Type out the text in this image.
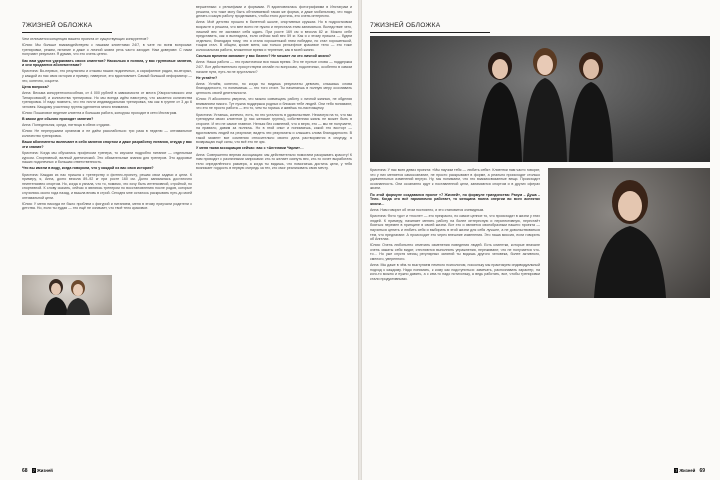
7ЖИЗНЕЙ ОБЛОЖКА

Чем отличается концепция вашего проекта от существующих конкурентов?

Юлия: Мы больше взаимодействуем с нашими клиентами 24/7, в чате по всем вопросам: тренировки, режим, питание и даже о личной жизни речь часто заходит. Нам доверяют. С нами получают результат. Я думаю, что это очень ценно.

Как вам удается удерживать своих клиентов? Насколько я поняла, у вас групповые занятия, и они продаются абонементами?

Кристина: Во-первых, это результаты и отзывы наших подопечных, а сарафанное радио, во-вторых, у каждой из нас своя история и пример, наверное, это вдохновляет. Самый большой информатор — это, конечно, соцсети.

Цена вопроса?

Анна: Весьма конкурентоспособная, от 4 000 рублей в зависимости от места (Хворостовского или Тинарсовской) и количества тренировок. Но мы всегда идём навстречу, что касается количества тренировок. И надо помнить, что это почти индивидуальная тренировка, так как в группе от 3 до 6 человек. Каждому участнику группы уделяется много внимания.

Юлия: Пошаговое ведение клиента и большая работа, конкурсы проходят в сети Инстаграм.

В каком дне обычно проходят занятия?

Анна: Понедельник, среда, пятница в обеих студиях.

Юлия: Не перегружаем организм и не даём расслабиться: три раза в неделю — оптимальное количество тренировок.

Ваши абонементы включают в себя занятия спортом и даже разработку питания, откуда у вас эти знания?

Кристина: Когда мы обучались профессии тренера, то изучали подробно питание — отдельным курсом. Спортивный, вилный диетический. Это обязательные знания для тренеров. Это здоровье наших подопечных и большая ответственность.

Что вы имели в виду, когда говорили, что у каждой из вас своя история?

Кристина: Каждая из нас пришла к тренерству и фитнес-проекту, решая свои задачи и цели. К примеру, я, Анна, долго весила 89–92 кг при росте 160 см. Долго занималась достаточно неинтенсивно спортом. Но, когда я узнала, что то, помимо, что хочу быть интенсивной, стройной, но спортивной. К слову сказать, сейчас я являюсь тренером по восстановлению после родов, которые случились около года назад, и вышла вновь в строй. Сегодня мне осталось раскрывать путь до моей оптимальной цели.

Юлия: У меня никогда не было проблем с фигурой и питанием, меня в этому приучали родители с детства. Но, если ты худая — это ещё не означает, что твоё тело красивое.

вершенным: с рельефами и формами. Я вдохновлялась фотографиями в Инстаграм и решила, что тоже могу быть обтягиваемой такая же форма, и даже мобильному, что надо делать и какую работу проделывать, чтобы этого достичь, это очень интересно.

Анна: Моё детство прошло в балетной школе, спортивных кружках. Но в подростковом возрасте я решила, что мне всего не нужно и перестала этим заниматься. Вследствие чего, лишний вес не заставил себя ждать. При росте 169 см я весила 82 кг. Можно себе представить, как я выглядела, если сейчас мой вес 59 кг. Как я к этому пришла — будем отдельно, благодаря тому, что я стала хорошенькой этим победим, но стал хорошенькой, тощим стал. В общем, кроме меня, как только рельефное красивое тело — это тоже колоссальная работа, вложенное время и терпение, как в моей жизни.

Сколько времени занимает у вас бизнес? Не мешает ли это личной жизни?

Анна: Наша работа — это практически вся наша время. Это не пустые слова — поддержка 24/7. Вот действительно присутствуем онлайн по вопросам, подопечных, особенно в самом начале пути, путь ли не хрустально?

Не устаёте?

Анна: Устаём, конечно, но когда ты видишь результаты девочек, слышишь слова благодарности, то понимаешь — это того стоит. Ты начинаешь в полную меру осознавать ценность своей деятельности.

Юлия: Я абсолютно уверена, что можно совмещать работу с личной жизнью, не обделяя вниманием никого. Тут нужна поддержка родных и близких тебе людей. Они тебя понимают, что это не просто работа — это то, чем ты горишь и живёшь по-настоящему.

Кристина: Устаешь, конечно, есть, но это усталость в удовольствие. Несмотря на то, что мы тренируем своих клиентов (у нас женские группы), собственная жизнь не может быть в стороне. И это не самое главное. Нельзя без сомнений, что я верю, это — мы не получаете, на правило, давим за полночь. Но в этой опыт и понимаешь, какой это восторг — вдохновлять людей на результат, видеть эти результаты и слышать слова благодарности. В такой момент все сомнения относительно своего дела растворяются в секунду, я возвращаю ещё силы, что всё это не зря.

У меня такая ассоциация сейчас: вас с «Ангелами Чарли»…

Анна: Совершенно верная ассоциация: мы действительно помогаем раскрывать красоту! К нам приходят с различными запросами: кто-то желает скинуть вес, кто-то хочет выработать тело определённого размера, а когда ты видишь, что помогаешь достичь цели, у тебя возникает гордость в первую очередь за тех, кто смог реализовать свою мечту.

68 7 Жизней
7ЖИЗНЕЙ ОБЛОЖКА

Кристина: У нас всех девиз проекта: «Мы научим тебя — любить себя». Клиентки нам часто говорят, что у них меняется самосознание, не просто раскрывают в форме, а реально происходят столько удивительных изменений внутри. Ну, мы понимаем, что это взаимосвязанные вещи. Происходит осознанность. Они осознанно идут к поставленной цели, занимаются спортом и в других сферах жизни.

По этой формуле создавался проект «7 Жизней», по формуле триединства: Разум – Душа – Тело. Когда это всё гармонично работает, то женщина полна энергии во всех аспектах жизни…

Анна: Нам говорят об этом постоянно, и это становится очевидным.

Кристина: Фото «до» и «после» — это прекрасно, но самое ценное то, что происходит в жизни у этих людей. К примеру, начинает менять работу на более интересную и перспективную, перестаёт бояться перемен в принципе в своей жизни. Вот это и является своеобразным нашего проекта — научиться ценить и любить себя и выбирать в этой жизни для себя лучшее, а не довольствоваться тем, что предлагают. А происходит это через внешние изменения. Это наша миссия, если говорить об Ангелах.

Юлия: Очень любопытно отмечать изменения поведения людей. Есть клиентки, которые вначале очень зажаты себя видят, стесняются выполнить упражнения, переживают, что не получается что-то… Но уже спустя месяц регулярных занятий ты видишь другого человека, более активного, смелого, уверенного.

Анна: Мы даже в чём-то выступаем немного психологом, поскольку мы практикуем индивидуальный подход к каждому. Надо понимать, к кому как подступиться: замечать, распознавать характер, на кого-то можно и нужно давить, а с кем-то надо потихоньку, а ведь работать, все, чтобы тренировки стали продуктивными.

7 Жизней 69
